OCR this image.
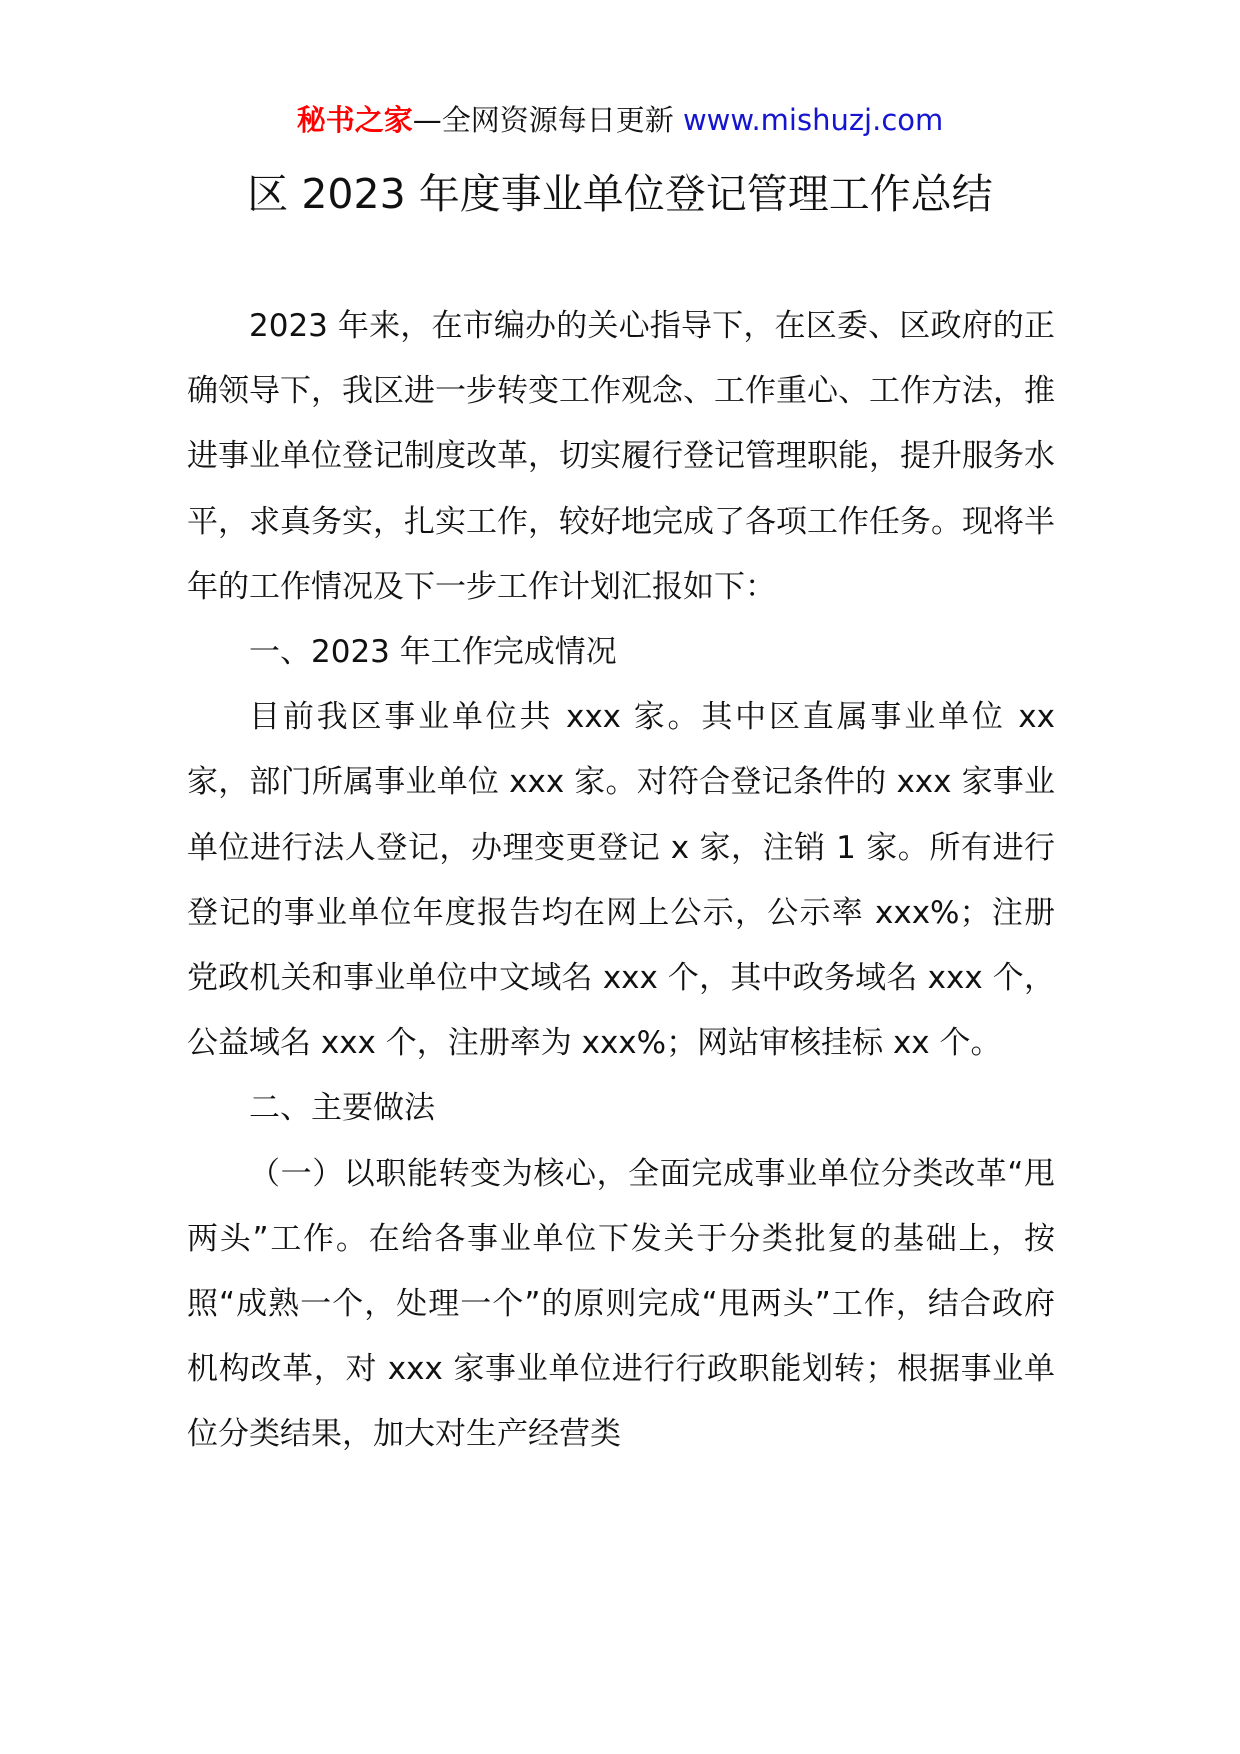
秘书之家—全网资源每日更新 www.mishuzj.com
区 2023 年度事业单位登记管理工作总结

2023 年来，在市编办的关心指导下，在区委、区政府的正确领导下，我区进一步转变工作观念、工作重心、工作方法，推进事业单位登记制度改革，切实履行登记管理职能，提升服务水平，求真务实，扎实工作，较好地完成了各项工作任务。现将半年的工作情况及下一步工作计划汇报如下：

一、2023 年工作完成情况

目前我区事业单位共 xxx 家。其中区直属事业单位 xx 家，部门所属事业单位 xxx 家。对符合登记条件的 xxx 家事业单位进行法人登记，办理变更登记 x 家，注销 1 家。所有进行登记的事业单位年度报告均在网上公示，公示率 xxx%；注册党政机关和事业单位中文域名 xxx 个，其中政务域名 xxx 个，公益域名 xxx 个，注册率为 xxx%；网站审核挂标 xx 个。

二、主要做法

（一）以职能转变为核心，全面完成事业单位分类改革“甩两头”工作。在给各事业单位下发关于分类批复的基础上，按照“成熟一个，处理一个”的原则完成“甩两头”工作，结合政府机构改革，对 xxx 家事业单位进行行政职能划转；根据事业单位分类结果，加大对生产经营类
